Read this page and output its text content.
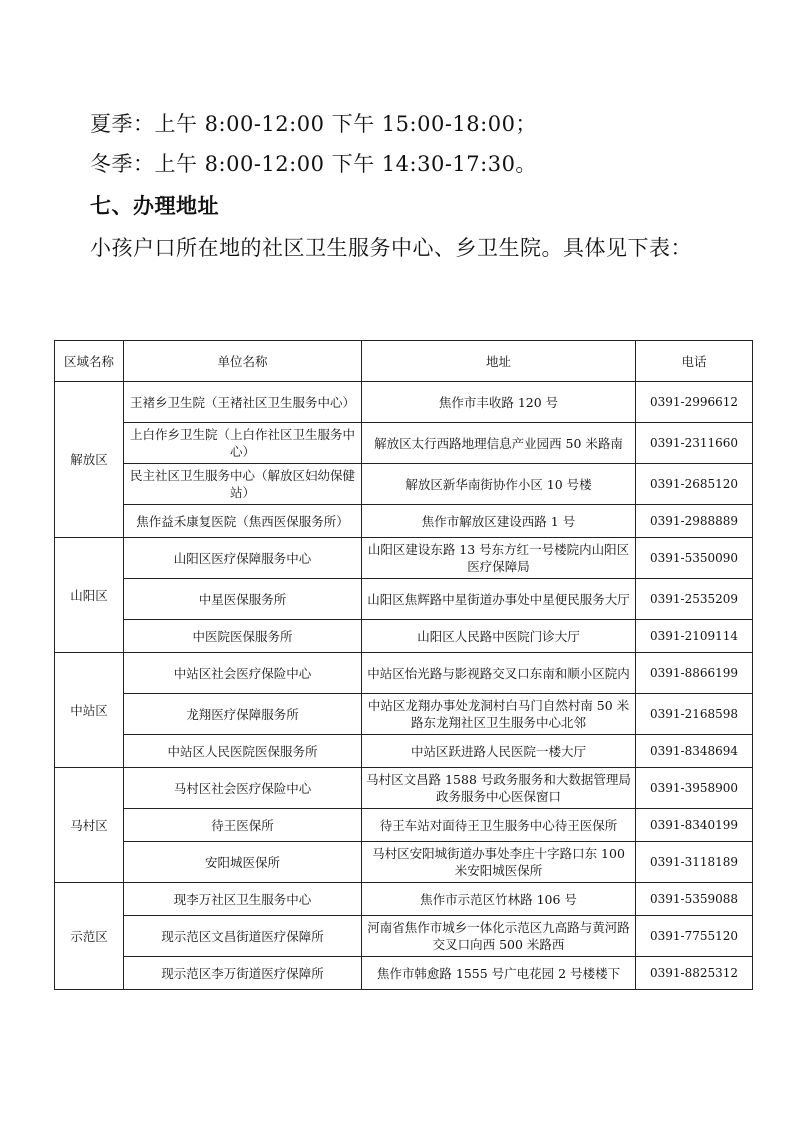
夏季：上午 8:00-12:00 下午 15:00-18:00；
冬季：上午 8:00-12:00 下午 14:30-17:30。
七、办理地址
小孩户口所在地的社区卫生服务中心、乡卫生院。具体见下表：
区域名称	单位名称	地址	电话
解放区	王褚乡卫生院（王褚社区卫生服务中心）	焦作市丰收路 120 号	0391-2996612
	上白作乡卫生院（上白作社区卫生服务中心）	解放区太行西路地理信息产业园西 50 米路南	0391-2311660
	民主社区卫生服务中心（解放区妇幼保健站）	解放区新华南街协作小区 10 号楼	0391-2685120
	焦作益禾康复医院（焦西医保服务所）	焦作市解放区建设西路 1 号	0391-2988889
山阳区	山阳区医疗保障服务中心	山阳区建设东路 13 号东方红一号楼院内山阳区医疗保障局	0391-5350090
	中星医保服务所	山阳区焦辉路中星街道办事处中星便民服务大厅	0391-2535209
	中医院医保服务所	山阳区人民路中医院门诊大厅	0391-2109114
中站区	中站区社会医疗保险中心	中站区怡光路与影视路交叉口东南和顺小区院内	0391-8866199
	龙翔医疗保障服务所	中站区龙翔办事处龙洞村白马门自然村南 50 米路东龙翔社区卫生服务中心北邻	0391-2168598
	中站区人民医院医保服务所	中站区跃进路人民医院一楼大厅	0391-8348694
马村区	马村区社会医疗保险中心	马村区文昌路 1588 号政务服务和大数据管理局政务服务中心医保窗口	0391-3958900
	待王医保所	待王车站对面待王卫生服务中心待王医保所	0391-8340199
	安阳城医保所	马村区安阳城街道办事处李庄十字路口东 100 米安阳城医保所	0391-3118189
示范区	现李万社区卫生服务中心	焦作市示范区竹林路 106 号	0391-5359088
	现示范区文昌街道医疗保障所	河南省焦作市城乡一体化示范区九高路与黄河路交叉口向西 500 米路西	0391-7755120
	现示范区李万街道医疗保障所	焦作市韩愈路 1555 号广电花园 2 号楼楼下	0391-8825312
